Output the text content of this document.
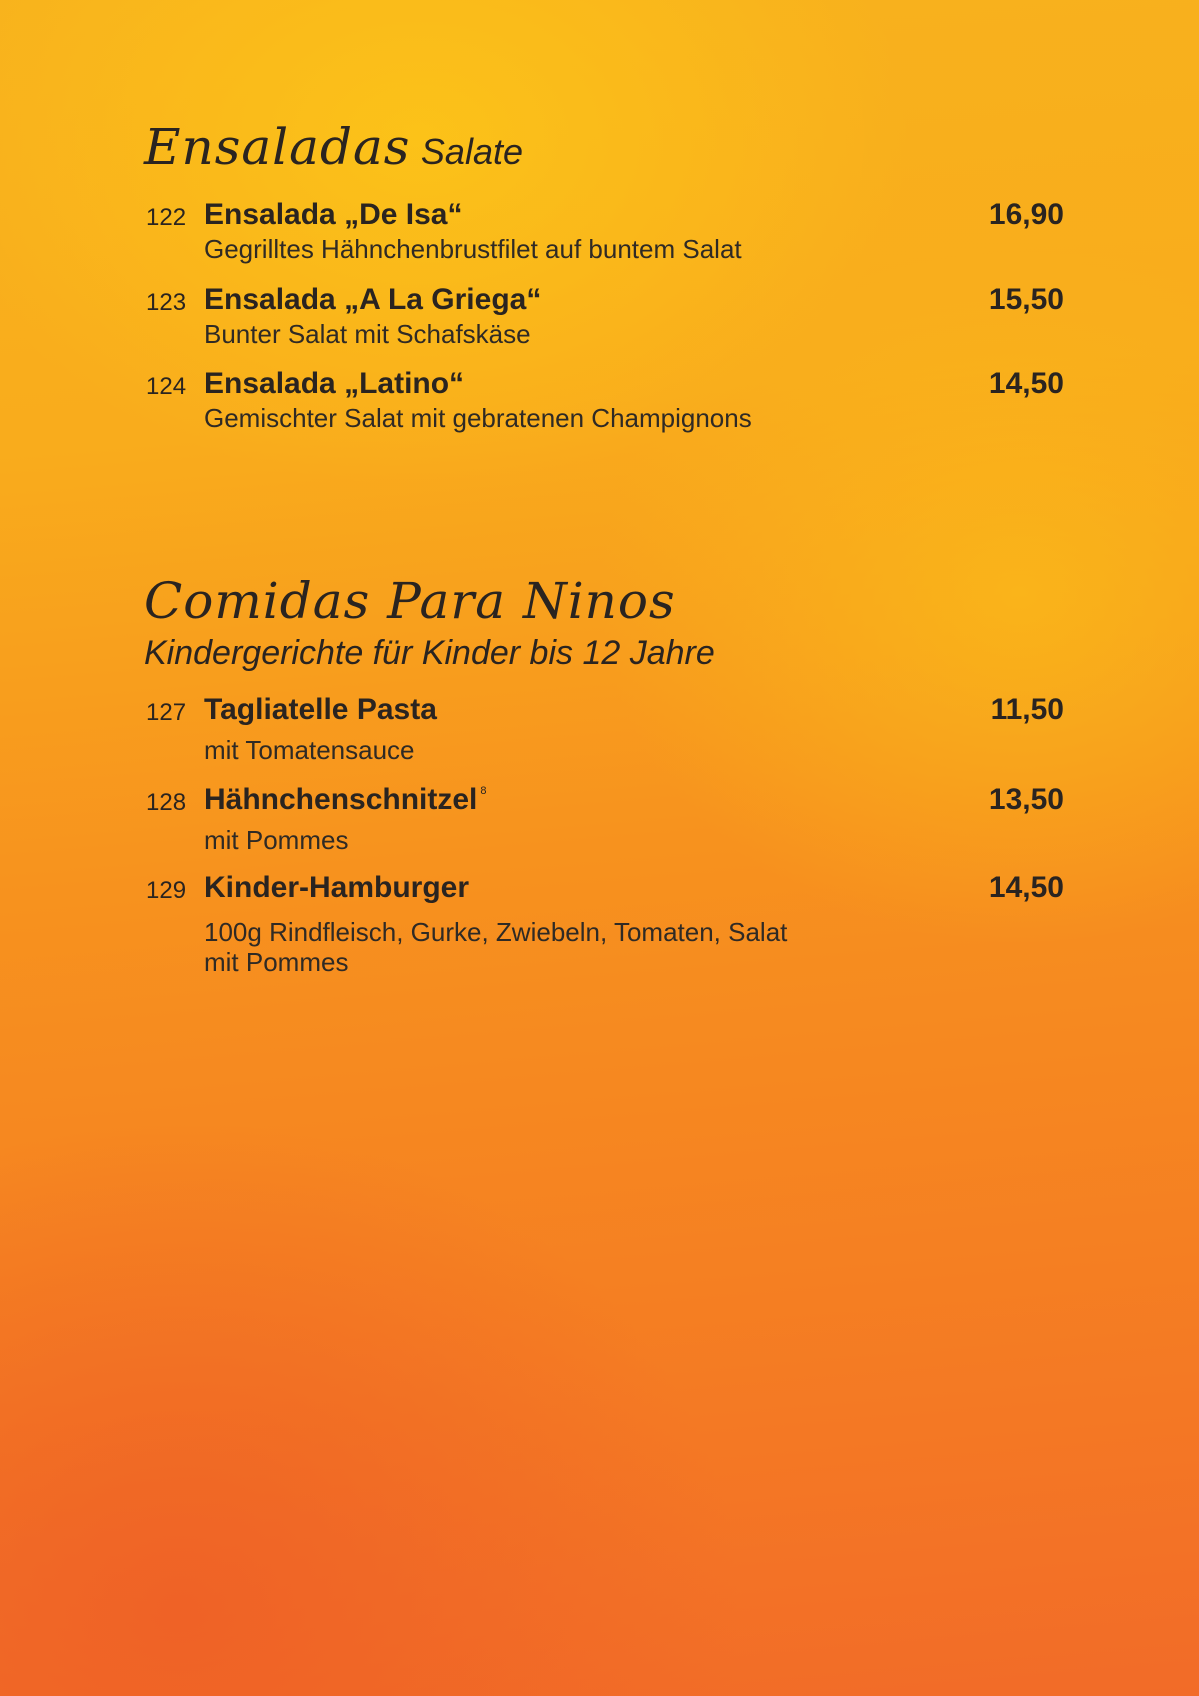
Ensaladas Salate
122 Ensalada „De Isa“	16,90
Gegrilltes Hähnchenbrustfilet auf buntem Salat
123 Ensalada „A La Griega“	15,50
Bunter Salat mit Schafskäse
124 Ensalada „Latino“	14,50
Gemischter Salat mit gebratenen Champignons
Comidas Para Ninos
Kindergerichte für Kinder bis 12 Jahre
127 Tagliatelle Pasta	11,50
mit Tomatensauce
128 Hähnchenschnitzel $^8$	13,50
mit Pommes
129 Kinder-Hamburger	14,50
100g Rindfleisch, Gurke, Zwiebeln, Tomaten, Salat
mit Pommes
